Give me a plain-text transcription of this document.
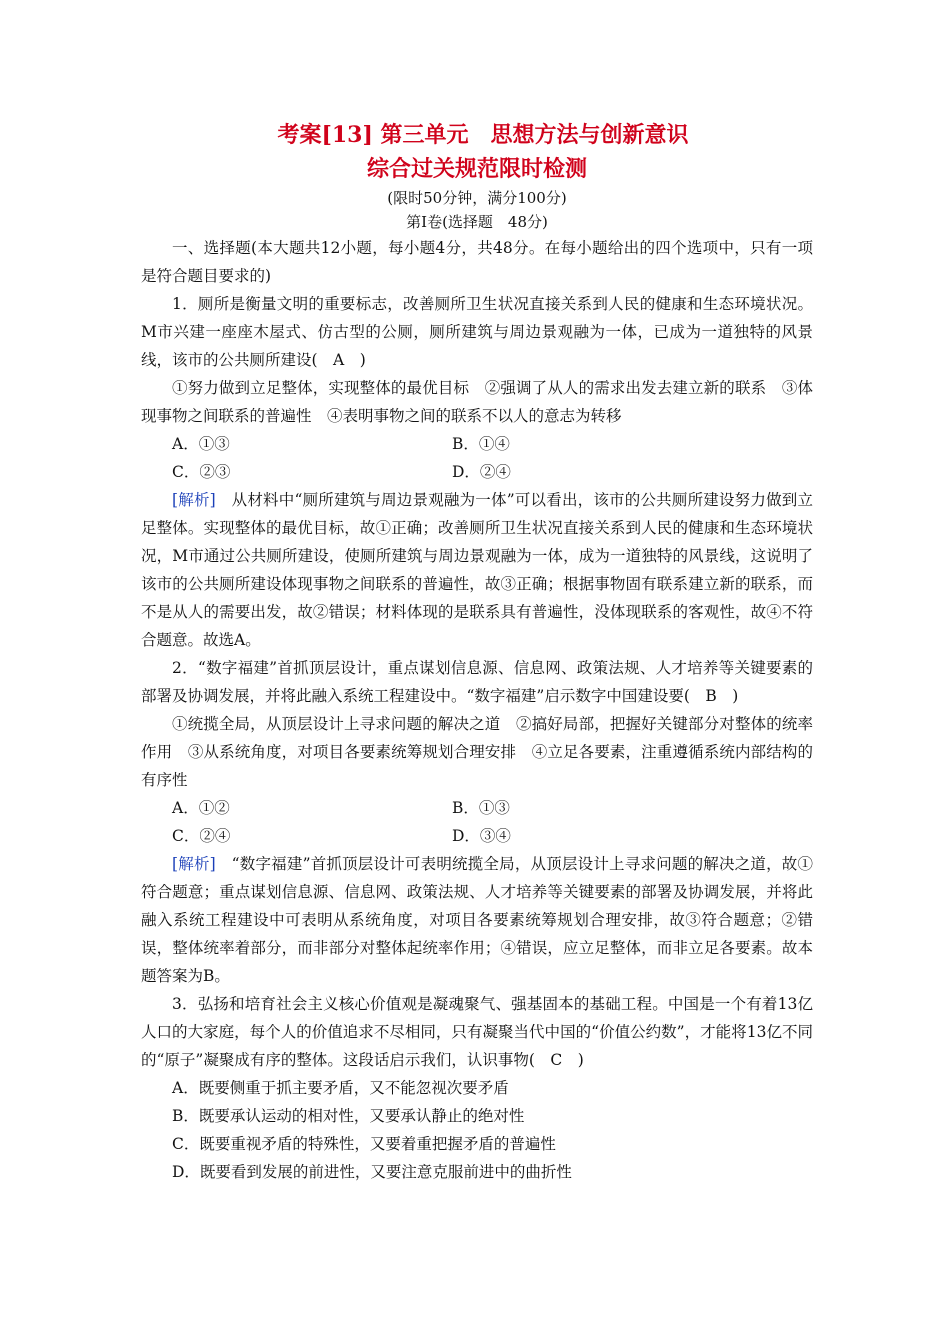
考案[13] 第三单元　思想方法与创新意识
综合过关规范限时检测
(限时50分钟，满分100分)
第Ⅰ卷(选择题　48分)

一、选择题(本大题共12小题，每小题4分，共48分。在每小题给出的四个选项中，只有一项是符合题目要求的)

1．厕所是衡量文明的重要标志，改善厕所卫生状况直接关系到人民的健康和生态环境状况。M市兴建一座座木屋式、仿古型的公厕，厕所建筑与周边景观融为一体，已成为一道独特的风景线，该市的公共厕所建设(　A　)

①努力做到立足整体，实现整体的最优目标　②强调了从人的需求出发去建立新的联系　③体现事物之间联系的普遍性　④表明事物之间的联系不以人的意志为转移

A．①③	B．①④
C．②③	D．②④

[解析]　从材料中“厕所建筑与周边景观融为一体”可以看出，该市的公共厕所建设努力做到立足整体。实现整体的最优目标，故①正确；改善厕所卫生状况直接关系到人民的健康和生态环境状况，M市通过公共厕所建设，使厕所建筑与周边景观融为一体，成为一道独特的风景线，这说明了该市的公共厕所建设体现事物之间联系的普遍性，故③正确；根据事物固有联系建立新的联系，而不是从人的需要出发，故②错误；材料体现的是联系具有普遍性，没体现联系的客观性，故④不符合题意。故选A。

2．“数字福建”首抓顶层设计，重点谋划信息源、信息网、政策法规、人才培养等关键要素的部署及协调发展，并将此融入系统工程建设中。“数字福建”启示数字中国建设要(　B　)

①统揽全局，从顶层设计上寻求问题的解决之道　②搞好局部，把握好关键部分对整体的统率作用　③从系统角度，对项目各要素统筹规划合理安排　④立足各要素，注重遵循系统内部结构的有序性

A．①②	B．①③
C．②④	D．③④

[解析]　“数字福建”首抓顶层设计可表明统揽全局，从顶层设计上寻求问题的解决之道，故①符合题意；重点谋划信息源、信息网、政策法规、人才培养等关键要素的部署及协调发展，并将此融入系统工程建设中可表明从系统角度，对项目各要素统筹规划合理安排，故③符合题意；②错误，整体统率着部分，而非部分对整体起统率作用；④错误，应立足整体，而非立足各要素。故本题答案为B。

3．弘扬和培育社会主义核心价值观是凝魂聚气、强基固本的基础工程。中国是一个有着13亿人口的大家庭，每个人的价值追求不尽相同，只有凝聚当代中国的“价值公约数”，才能将13亿不同的“原子”凝聚成有序的整体。这段话启示我们，认识事物(　C　)

A．既要侧重于抓主要矛盾，又不能忽视次要矛盾

B．既要承认运动的相对性，又要承认静止的绝对性

C．既要重视矛盾的特殊性，又要着重把握矛盾的普遍性

D．既要看到发展的前进性，又要注意克服前进中的曲折性
